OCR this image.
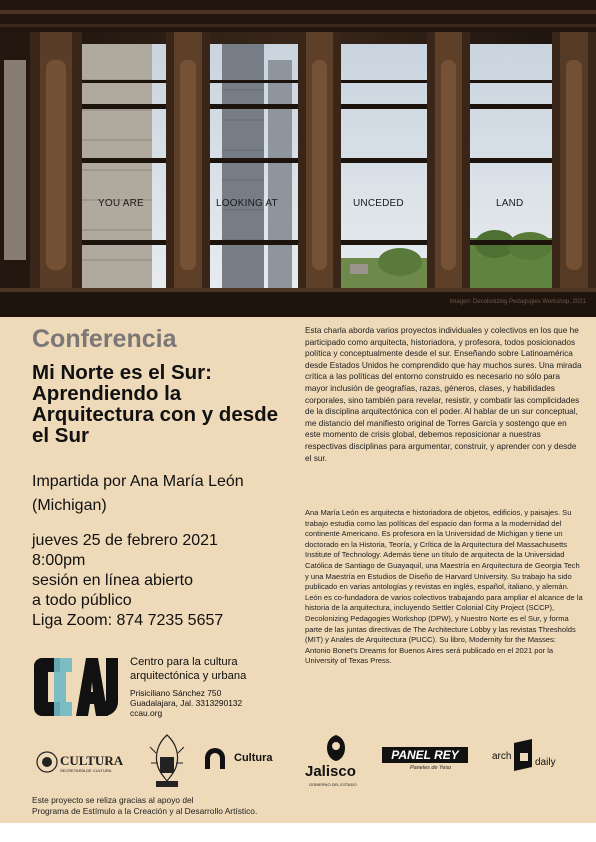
YOU ARE	LOOKING AT	UNCEDED	LAND
Imagen: Decolonizing Pedagogies Workshop, 2021
Conferencia
Mi Norte es el Sur: Aprendiendo la Arquitectura con y desde el Sur
Impartida por Ana María León (Michigan)
jueves 25 de febrero 2021
8:00pm
sesión en línea abierto
a todo público
Liga Zoom: 874 7235 5657
Esta charla aborda varios proyectos individuales y colectivos en los que he participado como arquitecta, historiadora, y profesora, todos posicionados política y conceptualmente desde el sur. Enseñando sobre Latinoamérica desde Estados Unidos he comprendido que hay muchos sures. Una mirada crítica a las políticas del entorno construido es necesario no sólo para mayor inclusión de geografías, razas, géneros, clases, y habilidades corporales, sino también para revelar, resistir, y combatir las complicidades de la disciplina arquitectónica con el poder. Al hablar de un sur conceptual, me distancio del manifiesto original de Torres García y sostengo que en este momento de crisis global, debemos reposicionar a nuestras respectivas disciplinas para argumentar, construir, y aprender con y desde el sur.
Ana María León es arquitecta e historiadora de objetos, edificios, y paisajes. Su trabajo estudia como las políticas del espacio dan forma a la modernidad del continente Americano. Es profesora en la Universidad de Michigan y tiene un doctorado en la Historia, Teoría, y Crítica de la Arquitectura del Massachusetts Institute of Technology. Además tiene un título de arquitecta de la Universidad Católica de Santiago de Guayaquil, una Maestría en Arquitectura de Georgia Tech y una Maestría en Estudios de Diseño de Harvard University. Su trabajo ha sido publicado en varias antologías y revistas en inglés, español, italiano, y alemán. León es co-fundadora de varios colectivos trabajando para ampliar el alcance de la historia de la arquitectura, incluyendo Settler Colonial City Project (SCCP), Decolonizing Pedagogies Workshop (DPW), y Nuestro Norte es el Sur, y forma parte de las juntas directivas de The Architecture Lobby y las revistas Thresholds (MIT) y Anales de Arquitectura (PUCC). Su libro, Modernity for the Masses: Antonio Bonet's Dreams for Buenos Aires será publicado en el 2021 por la University of Texas Press.
Centro para la cultura arquitectónica y urbana
Prisiciliano Sánchez 750
Guadalajara, Jal. 3313290132
ccau.org
CULTURA
SECRETARÍA DE CULTURA
Cultura
Jalisco
GOBIERNO DEL ESTADO
PANEL REY
Paneles de Yeso
arch
daily
Este proyecto se reliza gracias al apoyo del
Programa de Estímulo a la Creación y al Desarrollo Artístico.
